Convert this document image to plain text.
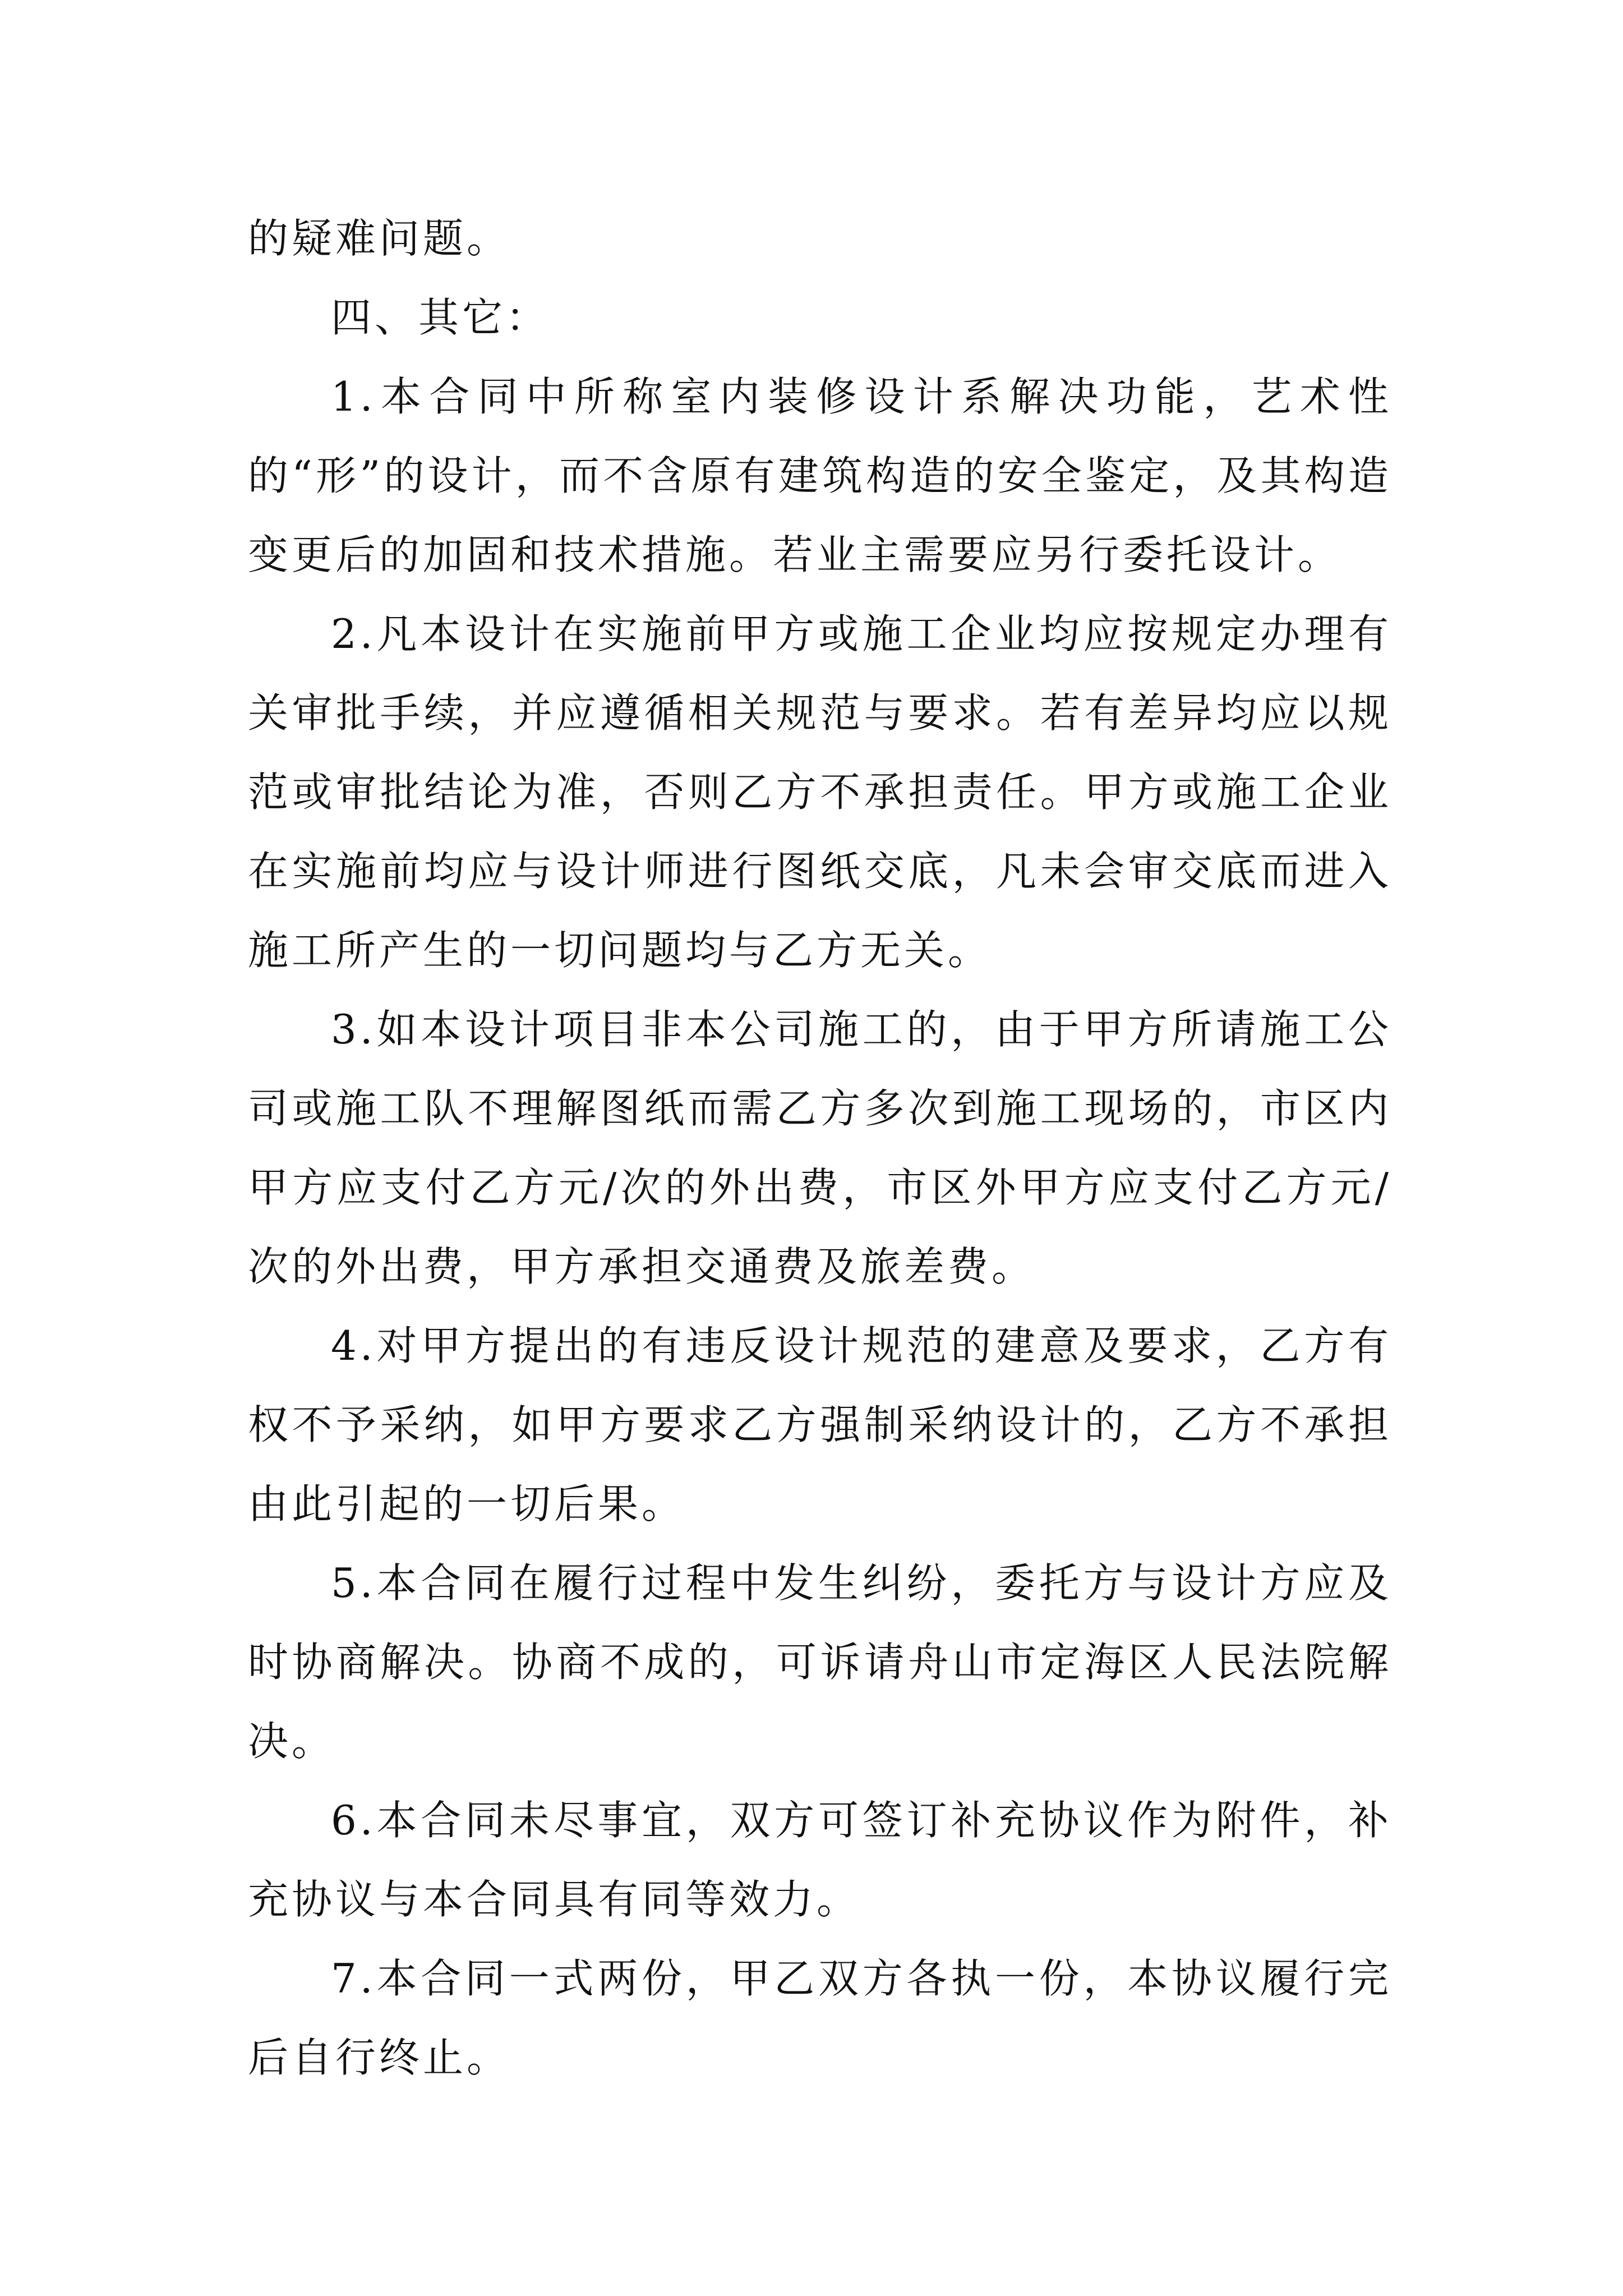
的疑难问题。

四、其它：

1.本合同中所称室内装修设计系解决功能，艺术性的“形”的设计，而不含原有建筑构造的安全鉴定，及其构造变更后的加固和技术措施。若业主需要应另行委托设计。

2.凡本设计在实施前甲方或施工企业均应按规定办理有关审批手续，并应遵循相关规范与要求。若有差异均应以规范或审批结论为准，否则乙方不承担责任。甲方或施工企业在实施前均应与设计师进行图纸交底，凡未会审交底而进入施工所产生的一切问题均与乙方无关。

3.如本设计项目非本公司施工的，由于甲方所请施工公司或施工队不理解图纸而需乙方多次到施工现场的，市区内甲方应支付乙方元/次的外出费，市区外甲方应支付乙方元/次的外出费，甲方承担交通费及旅差费。

4.对甲方提出的有违反设计规范的建意及要求，乙方有权不予采纳，如甲方要求乙方强制采纳设计的，乙方不承担由此引起的一切后果。

5.本合同在履行过程中发生纠纷，委托方与设计方应及时协商解决。协商不成的，可诉请舟山市定海区人民法院解决。

6.本合同未尽事宜，双方可签订补充协议作为附件，补充协议与本合同具有同等效力。

7.本合同一式两份，甲乙双方各执一份，本协议履行完后自行终止。
